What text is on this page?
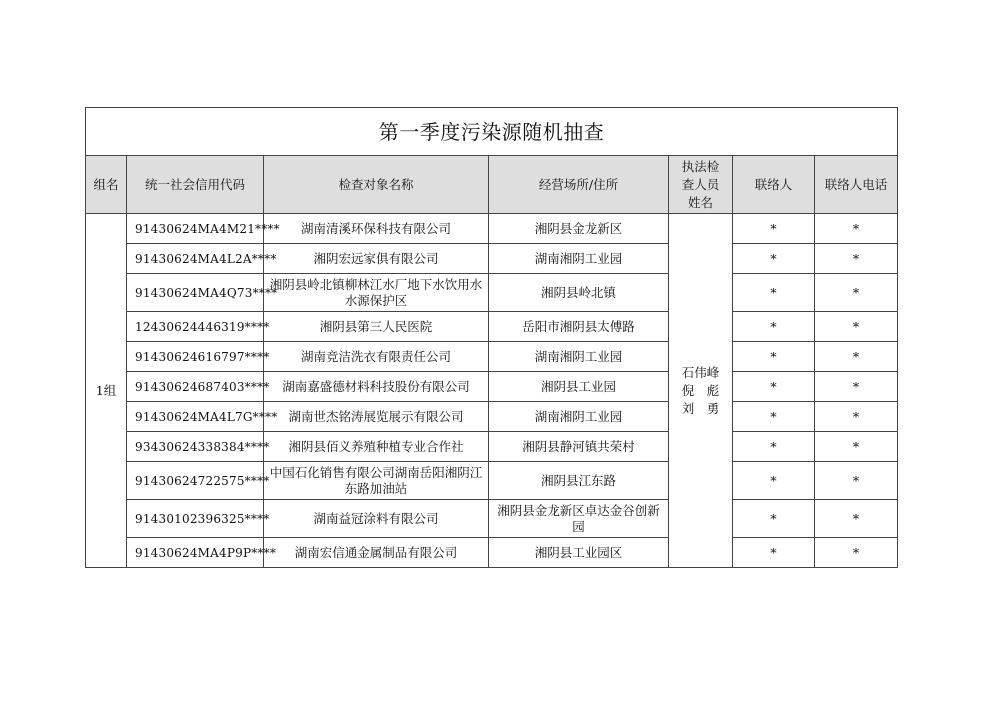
第一季度污染源随机抽查						
组名	统一社会信用代码	检查对象名称	经营场所/住所	执法检
查人员
姓名	联络人	联络人电话
1组	91430624MA4M21****	湖南清溪环保科技有限公司	湘阴县金龙新区	石伟峰
倪　彪
刘　勇	*	*
	91430624MA4L2A****	湘阴宏远家俱有限公司	湖南湘阴工业园		*	*
	91430624MA4Q73****	湘阴县岭北镇柳林江水厂地下水饮用水水源保护区	湘阴县岭北镇		*	*
	12430624446319****	湘阴县第三人民医院	岳阳市湘阴县太傅路		*	*
	91430624616797****	湖南竞洁洗衣有限责任公司	湖南湘阴工业园		*	*
	91430624687403****	湖南嘉盛德材料科技股份有限公司	湘阴县工业园		*	*
	91430624MA4L7G****	湖南世杰铭涛展览展示有限公司	湖南湘阴工业园		*	*
	93430624338384****	湘阴县佰义养殖种植专业合作社	湘阴县静河镇共荣村		*	*
	91430624722575****	中国石化销售有限公司湖南岳阳湘阴江东路加油站	湘阴县江东路		*	*
	91430102396325****	湖南益冠涂料有限公司	湘阴县金龙新区卓达金谷创新园		*	*
	91430624MA4P9P****	湖南宏信通金属制品有限公司	湘阴县工业园区		*	*
